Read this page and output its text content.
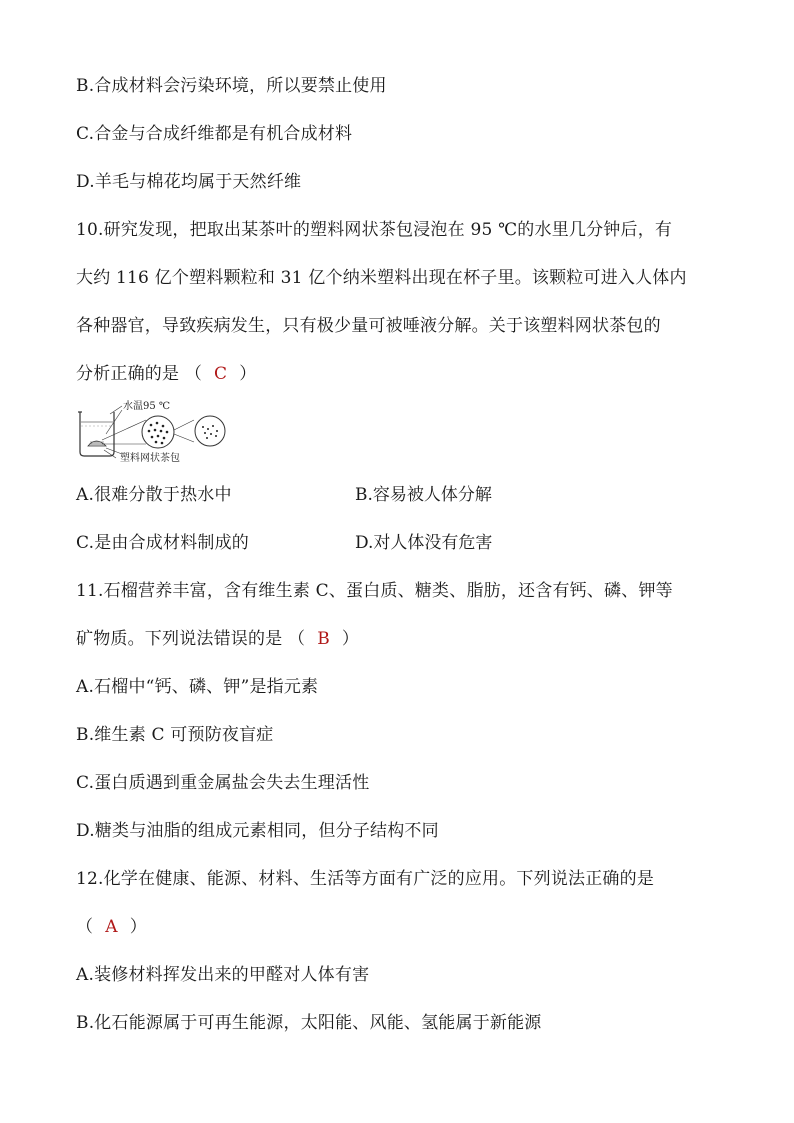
B.合成材料会污染环境，所以要禁止使用
C.合金与合成纤维都是有机合成材料
D.羊毛与棉花均属于天然纤维
10.研究发现，把取出某茶叶的塑料网状茶包浸泡在 95 ℃的水里几分钟后，有
大约 116 亿个塑料颗粒和 31 亿个纳米塑料出现在杯子里。该颗粒可进入人体内
各种器官，导致疾病发生，只有极少量可被唾液分解。关于该塑料网状茶包的
分析正确的是 （ C ）
水温95 ℃
塑料网状茶包
A.很难分散于热水中	B.容易被人体分解
C.是由合成材料制成的	D.对人体没有危害
11.石榴营养丰富，含有维生素 C、蛋白质、糖类、脂肪，还含有钙、磷、钾等
矿物质。下列说法错误的是 （ B ）
A.石榴中“钙、磷、钾”是指元素
B.维生素 C 可预防夜盲症
C.蛋白质遇到重金属盐会失去生理活性
D.糖类与油脂的组成元素相同，但分子结构不同
12.化学在健康、能源、材料、生活等方面有广泛的应用。下列说法正确的是
（ A ）
A.装修材料挥发出来的甲醛对人体有害
B.化石能源属于可再生能源，太阳能、风能、氢能属于新能源
